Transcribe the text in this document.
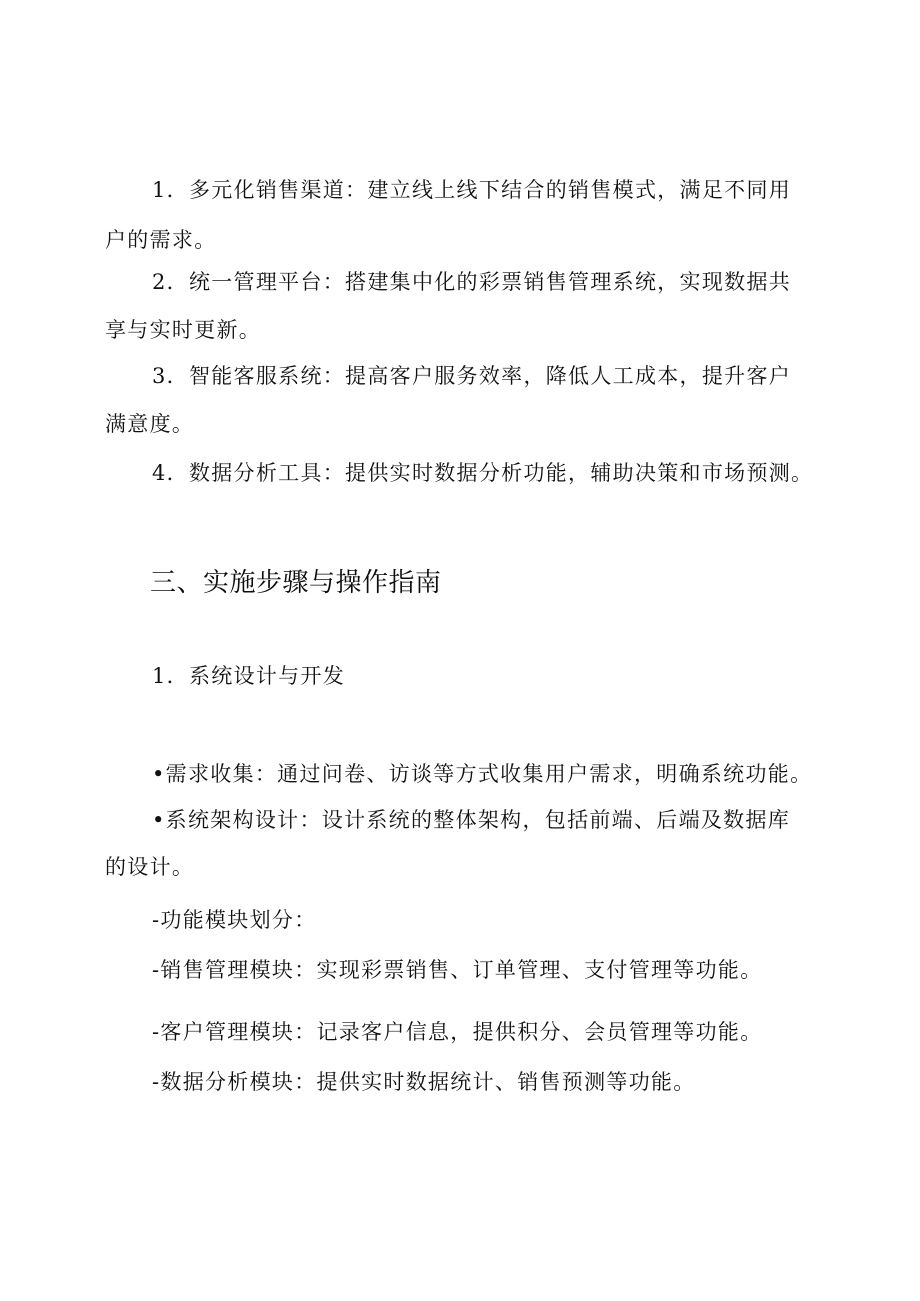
1．多元化销售渠道：建立线上线下结合的销售模式，满足不同用
户的需求。
2．统一管理平台：搭建集中化的彩票销售管理系统，实现数据共
享与实时更新。
3．智能客服系统：提高客户服务效率，降低人工成本，提升客户
满意度。
4．数据分析工具：提供实时数据分析功能，辅助决策和市场预测。
三、实施步骤与操作指南
1．系统设计与开发
•需求收集：通过问卷、访谈等方式收集用户需求，明确系统功能。
•系统架构设计：设计系统的整体架构，包括前端、后端及数据库
的设计。
-功能模块划分：
-销售管理模块：实现彩票销售、订单管理、支付管理等功能。
-客户管理模块：记录客户信息，提供积分、会员管理等功能。
-数据分析模块：提供实时数据统计、销售预测等功能。
